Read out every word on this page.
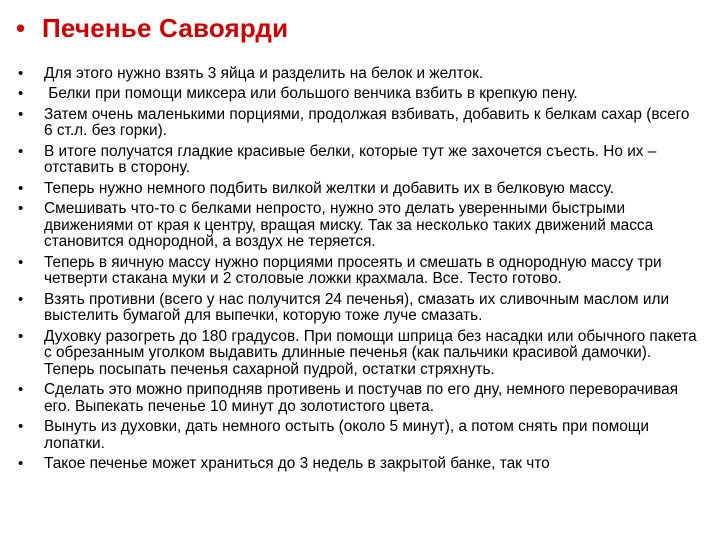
• Печенье Савоярди
•	Для этого нужно взять 3 яйца и разделить на белок и желток.
•	Белки при помощи миксера или большого венчика взбить в крепкую пену.
•	Затем очень маленькими порциями, продолжая взбивать, добавить к белкам сахар (всего 6 ст.л. без горки).
•	В итоге получатся гладкие красивые белки, которые тут же захочется съесть. Но их – отставить в сторону.
•	Теперь нужно немного подбить вилкой желтки и добавить их в белковую массу.
•	Смешивать что-то с белками непросто, нужно это делать уверенными быстрыми движениями от края к центру, вращая миску. Так за несколько таких движений масса становится однородной, а воздух не теряется.
•	Теперь в яичную массу нужно порциями просеять и смешать в однородную массу три четверти стакана муки и 2 столовые ложки крахмала. Все. Тесто готово.
•	Взять противни (всего у нас получится 24 печенья), смазать их сливочным маслом или выстелить бумагой для выпечки, которую тоже луче смазать.
•	Духовку разогреть до 180 градусов. При помощи шприца без насадки или обычного пакета с обрезанным уголком выдавить длинные печенья (как пальчики красивой дамочки). Теперь посыпать печенья сахарной пудрой, остатки стряхнуть.
•	Сделать это можно приподняв противень и постучав по его дну, немного переворачивая его. Выпекать печенье 10 минут до золотистого цвета.
•	Вынуть из духовки, дать немного остыть (около 5 минут), а потом снять при помощи лопатки.
•	Такое печенье может храниться до 3 недель в закрытой банке, так что
